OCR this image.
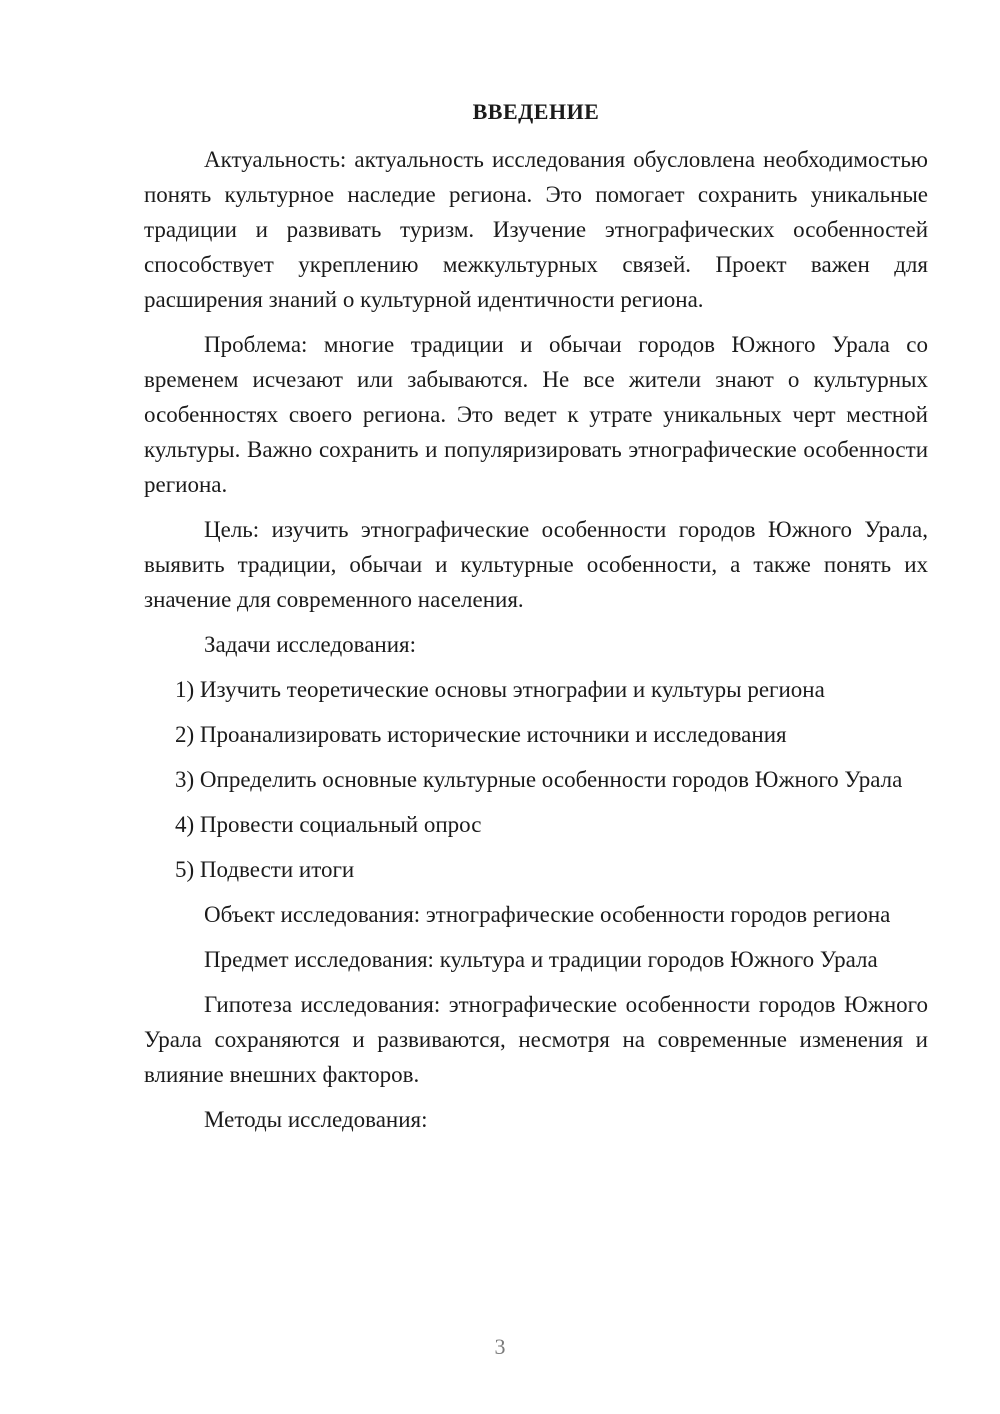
ВВЕДЕНИЕ

Актуальность: актуальность исследования обусловлена необходимостью понять культурное наследие региона. Это помогает сохранить уникальные традиции и развивать туризм. Изучение этнографических особенностей способствует укреплению межкультурных связей. Проект важен для расширения знаний о культурной идентичности региона.

Проблема: многие традиции и обычаи городов Южного Урала со временем исчезают или забываются. Не все жители знают о культурных особенностях своего региона. Это ведет к утрате уникальных черт местной культуры. Важно сохранить и популяризировать этнографические особенности региона.

Цель: изучить этнографические особенности городов Южного Урала, выявить традиции, обычаи и культурные особенности, а также понять их значение для современного населения.

Задачи исследования:

1) Изучить теоретические основы этнографии и культуры региона

2) Проанализировать исторические источники и исследования

3) Определить основные культурные особенности городов Южного Урала

4) Провести социальный опрос

5) Подвести итоги

Объект исследования: этнографические особенности городов региона

Предмет исследования: культура и традиции городов Южного Урала

Гипотеза исследования: этнографические особенности городов Южного Урала сохраняются и развиваются, несмотря на современные изменения и влияние внешних факторов.

Методы исследования:

3
